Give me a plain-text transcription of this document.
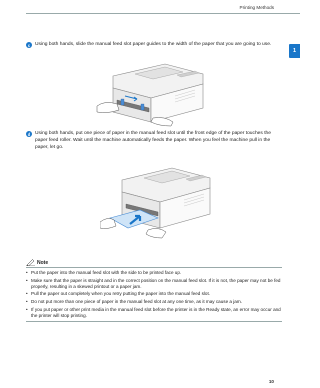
Printing Methods
1
c Using both hands, slide the manual feed slot paper guides to the width of the paper that you are going to use.
d Using both hands, put one piece of paper in the manual feed slot until the front edge of the paper touches the paper feed roller. Wait until the machine automatically feeds the paper. When you feel the machine pull in the paper, let go.
Note
• Put the paper into the manual feed slot with the side to be printed face up.
• Make sure that the paper is straight and in the correct position on the manual feed slot. If it is not, the paper may not be fed properly, resulting in a skewed printout or a paper jam.
• Pull the paper out completely when you retry putting the paper into the manual feed slot.
• Do not put more than one piece of paper in the manual feed slot at any one time, as it may cause a jam.
• If you put paper or other print media in the manual feed slot before the printer is in the Ready state, an error may occur and the printer will stop printing.
10
